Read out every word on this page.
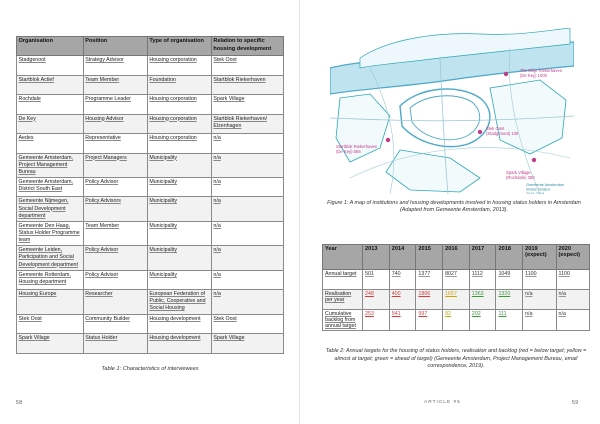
Organisation	Position	Type of organisation	Relation to specific housing development
Stadgenoot	Strategy Advisor	Housing corporation	Stek Oost
Startblok Actief	Team Member	Foundation	Startblok Riekerhaven
Rochdale	Programme Leader	Housing corporation	Spark Village
De Key	Housing Advisor	Housing corporation	Startblok Riekerhaven/ Elzenhagen
Aedes	Representative	Housing corporation	n/a
Gemeente Amsterdam, Project Management Bureau	Project Managers	Municipality	n/a
Gemeente Amsterdam, District South East	Policy Advisor	Municipality	n/a
Gemeente Nijmegen, Social Development department	Policy Advisors	Municipality	n/a
Gemeente Den Haag, Status Holder Programme team	Team Member	Municipality	n/a
Gemeente Leiden, Participation and Social Development department	Policy Advisor	Municipality	n/a
Gemeente Rotterdam, Housing department	Policy Advisor	Municipality	n/a
Housing Europe	Researcher	European Federation of Public, Cooperative and Social Housing	n/a
Stek Oost	Community Builder	Housing development	Stek Oost
Spark Village	Status Holder	Housing development	Spark Village
Table 1: Characteristics of interviewees
58
The Elkje Riekerhaven (De Key) 1000
Startblok Riekerhaven (De Key) 565
Stek Oost (Stadgenoot) 130
Spark Village (Rochdale) 350
Gemeente Amsterdam Status holders 2016-2019
Figure 1: A map of institutions and housing developments involved in housing status holders in Amsterdam (Adapted from Gemeente Amsterdam, 2013).
Year	2013	2014	2015	2016	2017	2018	2019 (expect)	2020 (expect)
Annual target	501	740	1377	8027	1112	1049	1100	1100
Realisation per year	248	400	1806	1657	1363	1320	n/a	n/a
Cumulative backlog from annual target	253	541	997	82	202	111	n/a	n/a
Table 2: Annual targets for the housing of status holders, realisation and backlog (red = below target; yellow = almost at target; green = ahead of target) (Gemeente Amsterdam, Project Management Bureau, email correspondence, 2019).
ARTICLE #5	59
